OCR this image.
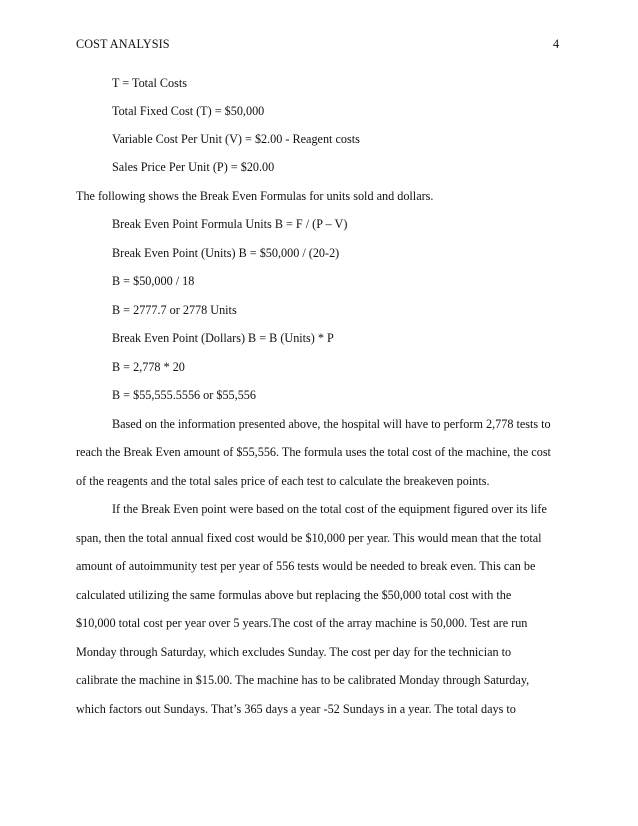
COST ANALYSIS	4
T = Total Costs
Total Fixed Cost (T) = $50,000
Variable Cost Per Unit (V) = $2.00 - Reagent costs
Sales Price Per Unit (P) = $20.00
The following shows the Break Even Formulas for units sold and dollars.
Break Even Point Formula Units B = F / (P – V)
Break Even Point (Units) B = $50,000 / (20-2)
B = $50,000 / 18
B = 2777.7 or 2778 Units
Break Even Point (Dollars) B = B (Units) * P
B = 2,778 * 20
B = $55,555.5556 or $55,556
Based on the information presented above, the hospital will have to perform 2,778 tests to
reach the Break Even amount of $55,556. The formula uses the total cost of the machine, the cost
of the reagents and the total sales price of each test to calculate the breakeven points.
If the Break Even point were based on the total cost of the equipment figured over its life
span, then the total annual fixed cost would be $10,000 per year. This would mean that the total
amount of autoimmunity test per year of 556 tests would be needed to break even. This can be
calculated utilizing the same formulas above but replacing the $50,000 total cost with the
$10,000 total cost per year over 5 years.The cost of the array machine is 50,000. Test are run
Monday through Saturday, which excludes Sunday. The cost per day for the technician to
calibrate the machine in $15.00. The machine has to be calibrated Monday through Saturday,
which factors out Sundays. That’s 365 days a year -52 Sundays in a year. The total days to
